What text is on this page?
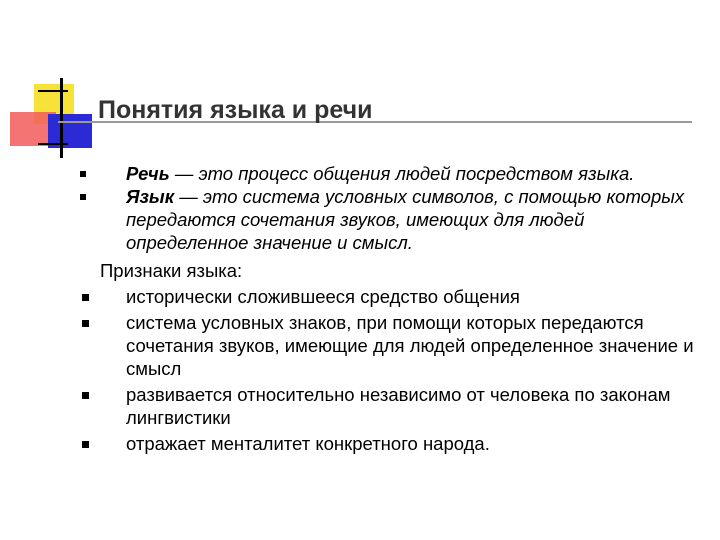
Понятия языка и речи
Речь — это процесс общения людей посредством языка.
Язык — это система условных символов, с помощью которых передаются сочетания звуков, имеющих для людей определенное значение и смысл.
Признаки языка:
исторически сложившееся средство общения
система условных знаков, при помощи которых передаются сочетания звуков, имеющие для людей определенное значение и смысл
развивается относительно независимо от человека по законам лингвистики
отражает менталитет конкретного народа.
